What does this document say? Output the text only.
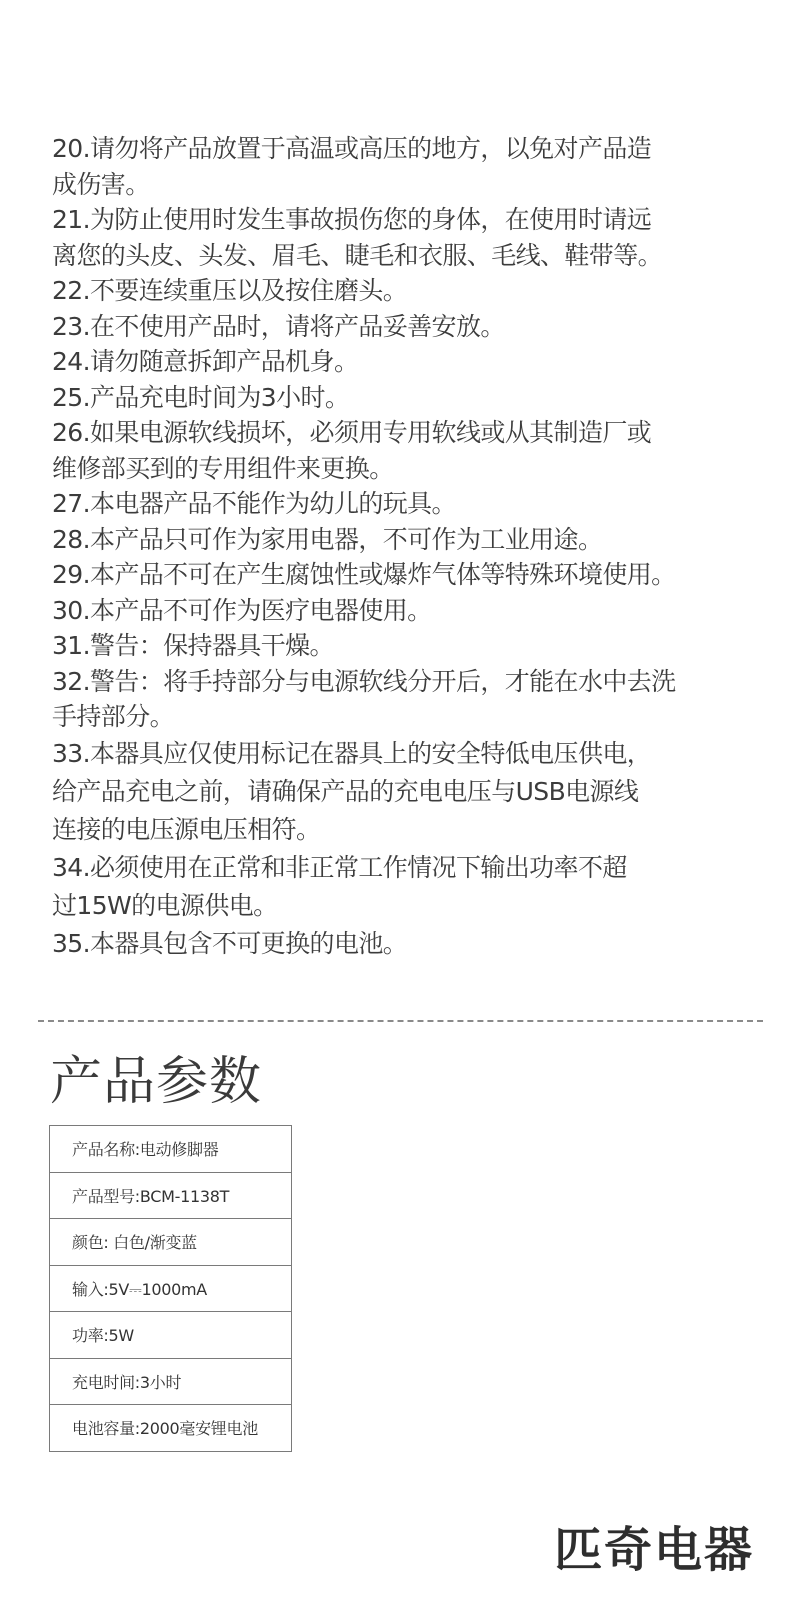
20.请勿将产品放置于高温或高压的地方，以免对产品造
成伤害。
21.为防止使用时发生事故损伤您的身体，在使用时请远
离您的头皮、头发、眉毛、睫毛和衣服、毛线、鞋带等。
22.不要连续重压以及按住磨头。
23.在不使用产品时，请将产品妥善安放。
24.请勿随意拆卸产品机身。
25.产品充电时间为3小时。
26.如果电源软线损坏，必须用专用软线或从其制造厂或
维修部买到的专用组件来更换。
27.本电器产品不能作为幼儿的玩具。
28.本产品只可作为家用电器，不可作为工业用途。
29.本产品不可在产生腐蚀性或爆炸气体等特殊环境使用。
30.本产品不可作为医疗电器使用。
31.警告：保持器具干燥。
32.警告：将手持部分与电源软线分开后，才能在水中去洗
手持部分。
33.本器具应仅使用标记在器具上的安全特低电压供电，
给产品充电之前，请确保产品的充电电压与USB电源线
连接的电压源电压相符。
34.必须使用在正常和非正常工作情况下输出功率不超
过15W的电源供电。
35.本器具包含不可更换的电池。
产品参数
产品名称:电动修脚器
产品型号:BCM-1138T
颜色: 白色/渐变蓝
输入:5V⎓1000mA
功率:5W
充电时间:3小时
电池容量:2000毫安锂电池
匹奇电器
